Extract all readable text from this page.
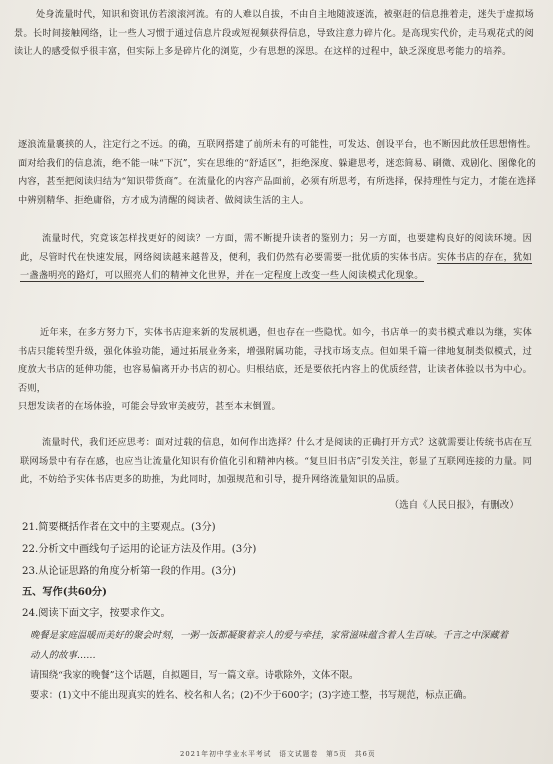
处身流量时代，知识和资讯仿若滚滚河流。有的人难以自拔，不由自主地随波逐流，被驱赶的信息推着走，迷失于虚拟场景。长时间接触网络，让一些人习惯于通过信息片段或短视频获得信息，导致注意力碎片化。是高现实代价，走马观花式的阅读让人的感受似乎很丰富，但实际上多是碎片化的浏览，少有思想的深思。在这样的过程中，缺乏深度思考能力的培养。
逐浪流量裹挟的人，注定行之不远。的确，互联网搭建了前所未有的可能性，可发达、创设平台，也不断因此放任思想惰性。面对给我们的信息流，绝不能一味“下沉”，实在思维的“舒适区”，拒绝深度、躲避思考，迷恋简易、刷微、戏剧化、图像化的内容，甚至把阅读归结为“知识带货商”。在流量化的内容产品面前，必须有所思考，有所选择，保持理性与定力，才能在选择中辨别精华、拒绝庸俗，方才成为清醒的阅读者、做阅读生活的主人。
流量时代，究竟该怎样找更好的阅读？一方面，需不断提升读者的鉴别力；另一方面，也要建构良好的阅读环境。因此，尽管时代在快速发展，网络阅读越来越普及，便利，我们仍然有必要需要一批优质的实体书店。实体书店的存在，犹如一盏盏明亮的路灯，可以照亮人们的精神文化世界，并在一定程度上改变一些人阅读模式化现象。
近年来，在多方努力下，实体书店迎来新的发展机遇，但也存在一些隐忧。如今，书店单一的卖书模式难以为继，实体书店只能转型升级，强化体验功能，通过拓展业务来，增强附属功能，寻找市场支点。但如果千篇一律地复制类似模式，过度放大书店的延伸功能，也容易偏离开办书店的初心。归根结底，还是要依托内容上的优质经营，让读者体验以书为中心。否则，
只想发读者的在场体验，可能会导致审美疲劳，甚至本末倒置。
流量时代，我们还应思考：面对过载的信息，如何作出选择？什么才是阅读的正确打开方式？这就需要让传统书店在互联网场景中有存在感，也应当让流量化知识有价值化引和精神内核。“复旦旧书店”引发关注，彰显了互联网连接的力量。同此，不妨给予实体书店更多的助推，为此同时，加强规范和引导，提升网络流量知识的品质。
（选自《人民日报》，有删改）
21.简要概括作者在文中的主要观点。(3分)
22.分析文中画线句子运用的论证方法及作用。(3分)
23.从论证思路的角度分析第一段的作用。(3分)
五、写作(共60分)
24.阅读下面文字，按要求作文。
晚餐是家庭温暖而美好的聚会时刻，一粥一饭都凝聚着亲人的爱与牵挂，家常滋味蕴含着人生百味。千言之中深藏着动人的故事……
请围绕“我家的晚餐”这个话题，自拟题目，写一篇文章。诗歌除外，文体不限。
要求：(1)文中不能出现真实的姓名、校名和人名；(2)不少于600字；(3)字迹工整，书写规范，标点正确。
2021年初中学业水平考试　语文试题卷　第5页　共6页
